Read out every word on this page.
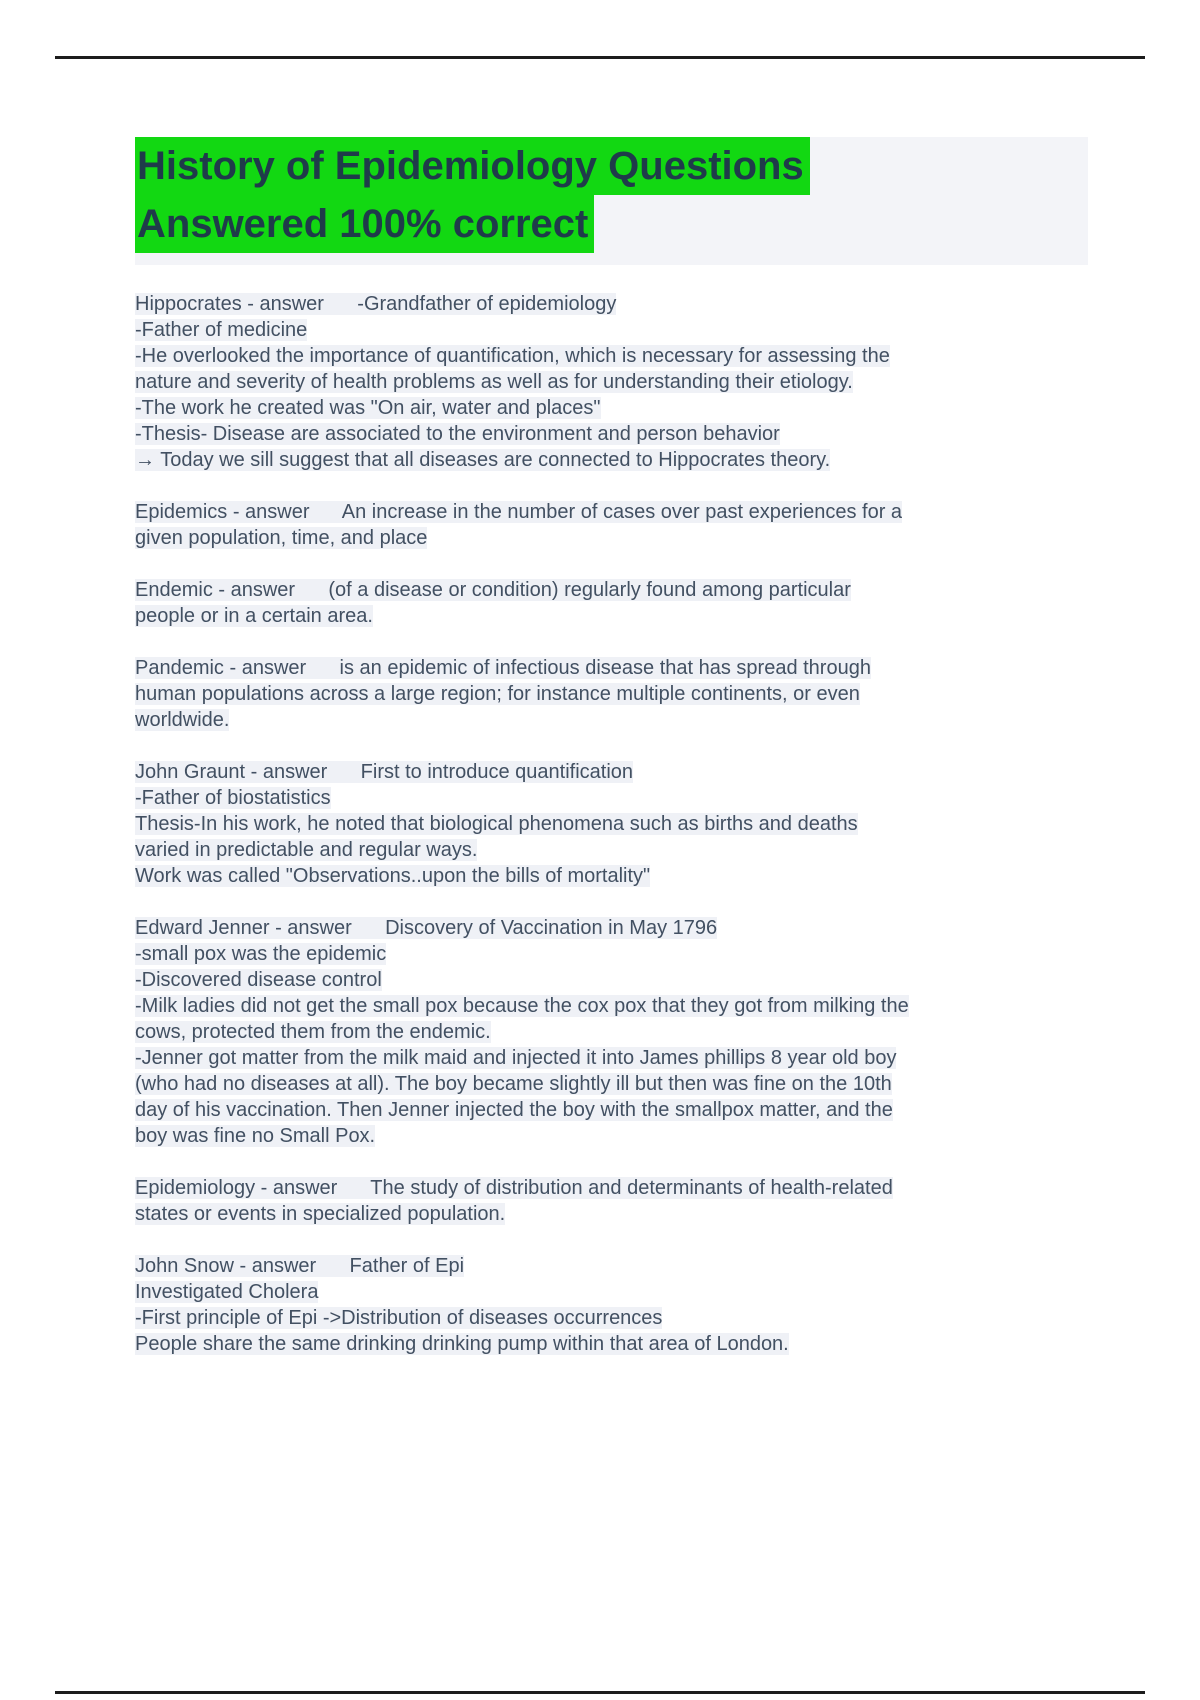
History of Epidemiology Questions
Answered 100% correct
Hippocrates - answer      -Grandfather of epidemiology
-Father of medicine
-He overlooked the importance of quantification, which is necessary for assessing the
nature and severity of health problems as well as for understanding their etiology.
-The work he created was "On air, water and places"
-Thesis- Disease are associated to the environment and person behavior
→ Today we sill suggest that all diseases are connected to Hippocrates theory.
Epidemics - answer      An increase in the number of cases over past experiences for a
given population, time, and place
Endemic - answer      (of a disease or condition) regularly found among particular
people or in a certain area.
Pandemic - answer      is an epidemic of infectious disease that has spread through
human populations across a large region; for instance multiple continents, or even
worldwide.
John Graunt - answer      First to introduce quantification
-Father of biostatistics
Thesis-In his work, he noted that biological phenomena such as births and deaths
varied in predictable and regular ways.
Work was called "Observations..upon the bills of mortality"
Edward Jenner - answer      Discovery of Vaccination in May 1796
-small pox was the epidemic
-Discovered disease control
-Milk ladies did not get the small pox because the cox pox that they got from milking the
cows, protected them from the endemic.
-Jenner got matter from the milk maid and injected it into James phillips 8 year old boy
(who had no diseases at all). The boy became slightly ill but then was fine on the 10th
day of his vaccination. Then Jenner injected the boy with the smallpox matter, and the
boy was fine no Small Pox.
Epidemiology - answer      The study of distribution and determinants of health-related
states or events in specialized population.
John Snow - answer      Father of Epi
Investigated Cholera
-First principle of Epi ->Distribution of diseases occurrences
People share the same drinking drinking pump within that area of London.
